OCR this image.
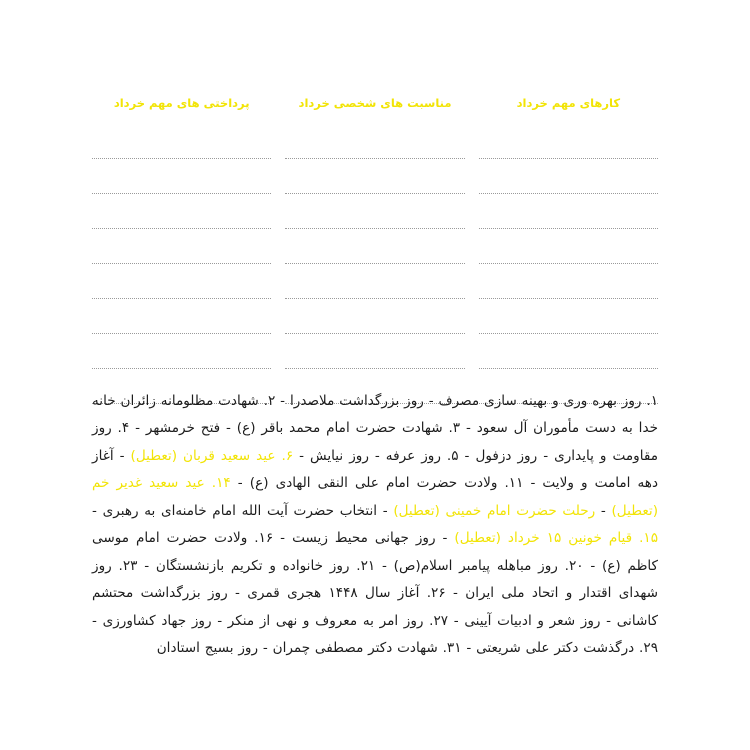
کارهای مهم خرداد
مناسبت های شخصی خرداد
پرداختی های مهم خرداد
۱. روز بهره وری و بهینه سازی مصرف - روز بزرگداشت ملاصدرا - ۲. شهادت مظلومانه زائران خانه خدا به دست مأموران آل سعود - ۳. شهادت حضرت امام محمد باقر (ع) - فتح خرمشهر - ۴. روز مقاومت و پایداری - روز دزفول - ۵. روز عرفه - روز نیایش - ۶. عید سعید قربان (تعطیل) - آغاز دهه امامت و ولایت - ۱۱. ولادت حضرت امام علی النقی الهادی (ع) - ۱۴. عید سعید غدیر خم (تعطیل) - رحلت حضرت امام خمینی (تعطیل) - انتخاب حضرت آیت الله امام خامنه‌ای به رهبری - ۱۵. قیام خونین ۱۵ خرداد (تعطیل) - روز جهانی محیط زیست - ۱۶. ولادت حضرت امام موسی کاظم (ع) - ۲۰. روز مباهله پیامبر اسلام(ص) - ۲۱. روز خانواده و تکریم بازنشستگان - ۲۳. روز شهدای اقتدار و اتحاد ملی ایران - ۲۶. آغاز سال ۱۴۴۸ هجری قمری - روز بزرگداشت محتشم کاشانی - روز شعر و ادبیات آیینی - ۲۷. روز امر به معروف و نهی از منکر - روز جهاد کشاورزی - ۲۹. درگذشت دکتر علی شریعتی - ۳۱. شهادت دکتر مصطفی چمران - روز بسیج استادان
